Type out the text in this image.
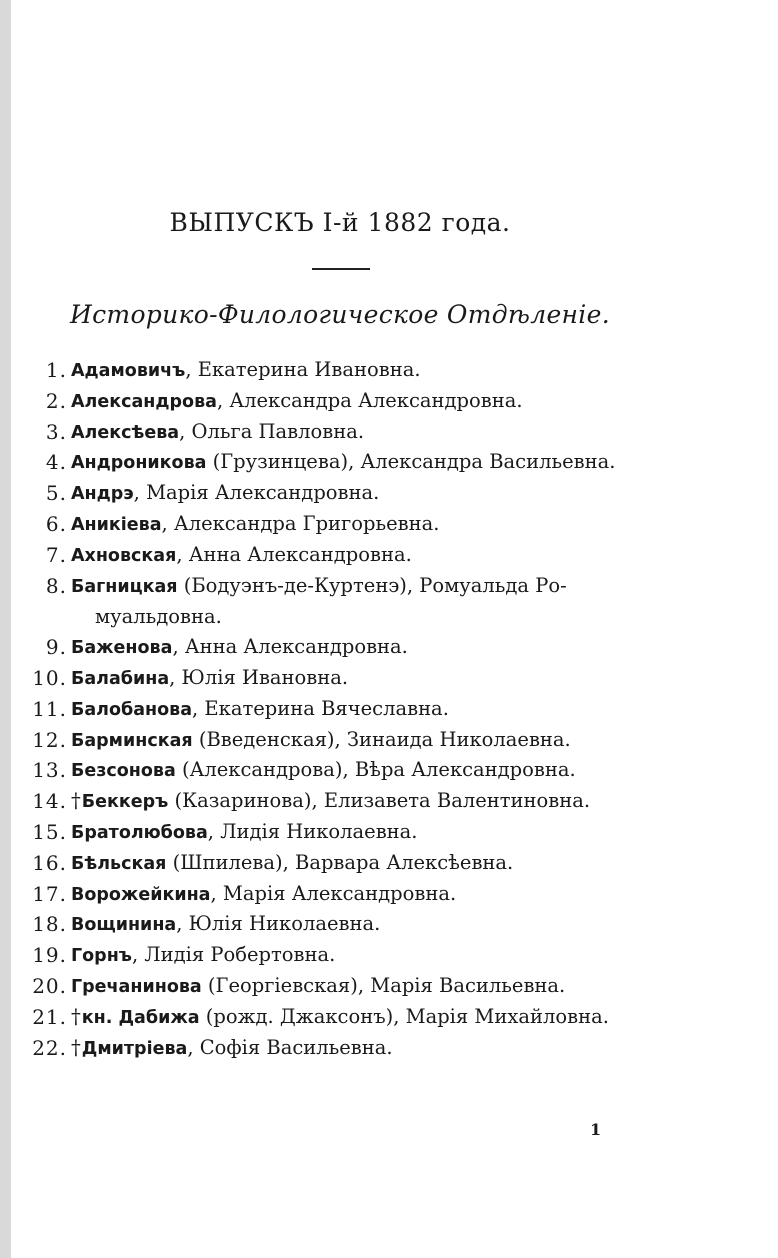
ВЫПУСКЪ I-й 1882 года.
Историко-Филологическое Отдѣленіе.
1. Адамовичъ, Екатерина Ивановна.
2. Александрова, Александра Александровна.
3. Алексѣева, Ольга Павловна.
4. Андроникова (Грузинцева), Александра Васильевна.
5. Андрэ, Марія Александровна.
6. Аникіева, Александра Григорьевна.
7. Ахновская, Анна Александровна.
8. Багницкая (Бодуэнъ-де-Куртенэ), Ромуальда Ро-
муальдовна.
9. Баженова, Анна Александровна.
10. Балабина, Юлія Ивановна.
11. Балобанова, Екатерина Вячеславна.
12. Барминская (Введенская), Зинаида Николаевна.
13. Безсонова (Александрова), Вѣра Александровна.
14. †Беккеръ (Казаринова), Елизавета Валентиновна.
15. Братолюбова, Лидія Николаевна.
16. Бѣльская (Шпилева), Варвара Алексѣевна.
17. Ворожейкина, Марія Александровна.
18. Вощинина, Юлія Николаевна.
19. Горнъ, Лидія Робертовна.
20. Гречанинова (Георгіевская), Марія Васильевна.
21. †кн. Дабижа (рожд. Джаксонъ), Марія Михайловна.
22. †Дмитріева, Софія Васильевна.
1
